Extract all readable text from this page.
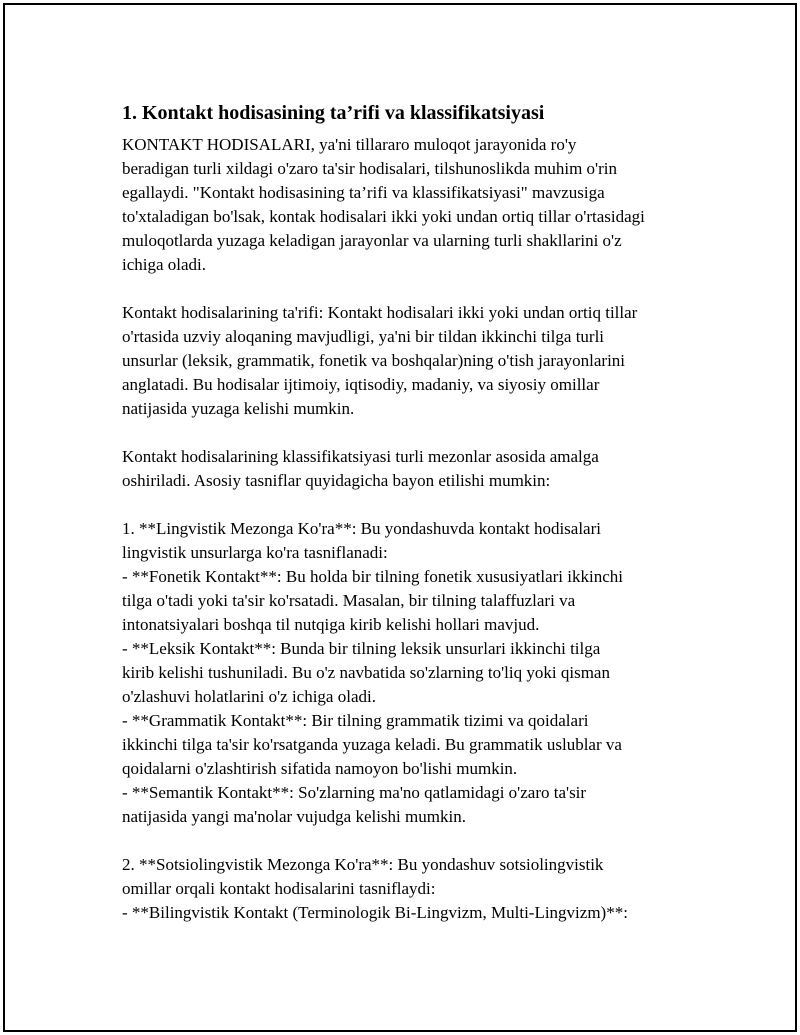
1. Kontakt hodisasining ta’rifi va klassifikatsiyasi

KONTAKT HODISALARI, ya'ni tillararo muloqot jarayonida ro'y
beradigan turli xildagi o'zaro ta'sir hodisalari, tilshunoslikda muhim o'rin
egallaydi. "Kontakt hodisasining ta’rifi va klassifikatsiyasi" mavzusiga
to'xtaladigan bo'lsak, kontak hodisalari ikki yoki undan ortiq tillar o'rtasidagi
muloqotlarda yuzaga keladigan jarayonlar va ularning turli shakllarini o'z
ichiga oladi.

Kontakt hodisalarining ta'rifi: Kontakt hodisalari ikki yoki undan ortiq tillar
o'rtasida uzviy aloqaning mavjudligi, ya'ni bir tildan ikkinchi tilga turli
unsurlar (leksik, grammatik, fonetik va boshqalar)ning o'tish jarayonlarini
anglatadi. Bu hodisalar ijtimoiy, iqtisodiy, madaniy, va siyosiy omillar
natijasida yuzaga kelishi mumkin.

Kontakt hodisalarining klassifikatsiyasi turli mezonlar asosida amalga
oshiriladi. Asosiy tasniflar quyidagicha bayon etilishi mumkin:

1. **Lingvistik Mezonga Ko'ra**: Bu yondashuvda kontakt hodisalari
lingvistik unsurlarga ko'ra tasniflanadi:
- **Fonetik Kontakt**: Bu holda bir tilning fonetik xususiyatlari ikkinchi
tilga o'tadi yoki ta'sir ko'rsatadi. Masalan, bir tilning talaffuzlari va
intonatsiyalari boshqa til nutqiga kirib kelishi hollari mavjud.
- **Leksik Kontakt**: Bunda bir tilning leksik unsurlari ikkinchi tilga
kirib kelishi tushuniladi. Bu o'z navbatida so'zlarning to'liq yoki qisman
o'zlashuvi holatlarini o'z ichiga oladi.
- **Grammatik Kontakt**: Bir tilning grammatik tizimi va qoidalari
ikkinchi tilga ta'sir ko'rsatganda yuzaga keladi. Bu grammatik uslublar va
qoidalarni o'zlashtirish sifatida namoyon bo'lishi mumkin.
- **Semantik Kontakt**: So'zlarning ma'no qatlamidagi o'zaro ta'sir
natijasida yangi ma'nolar vujudga kelishi mumkin.

2. **Sotsiolingvistik Mezonga Ko'ra**: Bu yondashuv sotsiolingvistik
omillar orqali kontakt hodisalarini tasniflaydi:
- **Bilingvistik Kontakt (Terminologik Bi-Lingvizm, Multi-Lingvizm)**:
